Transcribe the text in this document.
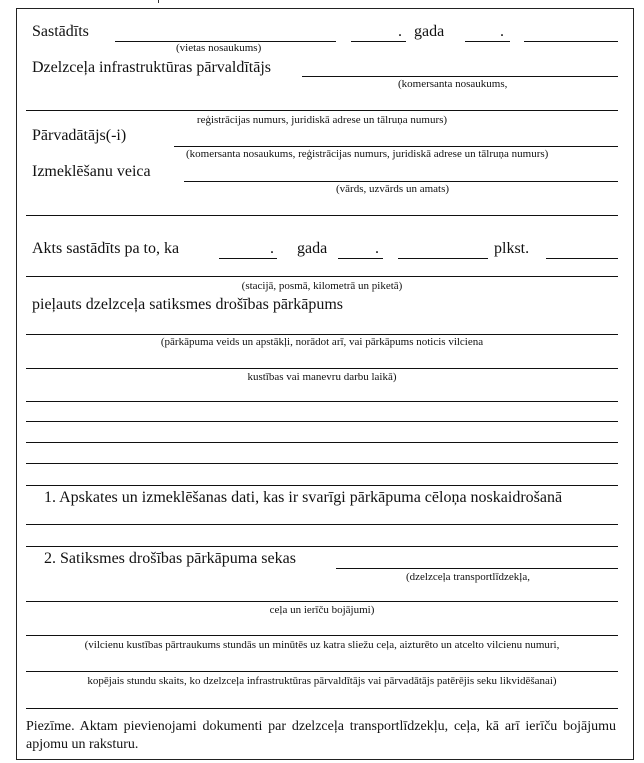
Sastādīts
(vietas nosaukums)
. gada	.
Dzelzceļa infrastruktūras pārvaldītājs
(komersanta nosaukums,
reģistrācijas numurs, juridiskā adrese un tālruņa numurs)
Pārvadātājs(-i)
(komersanta nosaukums, reģistrācijas numurs, juridiskā adrese un tālruņa numurs)
Izmeklēšanu veica
(vārds, uzvārds un amats)
Akts sastādīts pa to, ka	. gada	.	plkst.
(stacijā, posmā, kilometrā un piketā)
pieļauts dzelzceļa satiksmes drošības pārkāpums
(pārkāpuma veids un apstākļi, norādot arī, vai pārkāpums noticis vilciena
kustības vai manevru darbu laikā)
1. Apskates un izmeklēšanas dati, kas ir svarīgi pārkāpuma cēloņa noskaidrošanā
2. Satiksmes drošības pārkāpuma sekas
(dzelzceļa transportlīdzekļa,
ceļa un ierīču bojājumi)
(vilcienu kustības pārtraukums stundās un minūtēs uz katra sliežu ceļa, aizturēto un atcelto vilcienu numuri,
kopējais stundu skaits, ko dzelzceļa infrastruktūras pārvaldītājs vai pārvadātājs patērējis seku likvidēšanai)
Piezīme. Aktam pievienojami dokumenti par dzelzceļa transportlīdzekļu, ceļa, kā arī ierīču bojājumu apjomu un raksturu.
